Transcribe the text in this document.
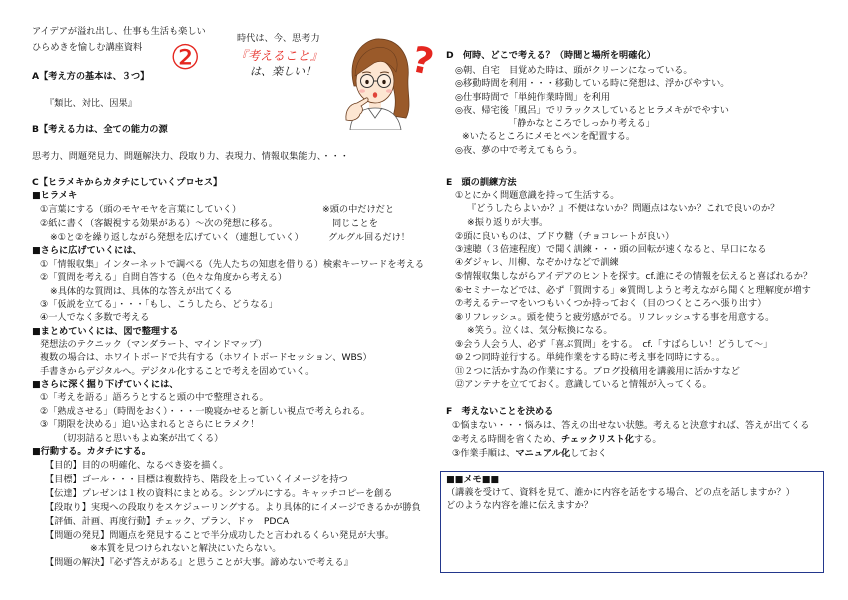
アイデアが溢れ出し、仕事も生活も楽しい
ひらめきを愉しむ講座資料 ②	時代は、今、思考力
『考えること』
は、楽しい！	?
A【考え方の基本は、３つ】
『類比、対比、因果』
B【考える力は、全ての能力の源
思考力、問題発見力、問題解決力、段取り力、表現力、情報収集能力、・・・
C【ヒラメキからカタチにしていくプロセス】
■ヒラメキ
①言葉にする（頭のモヤモヤを言葉にしていく）
②紙に書く（客観視する効果がある）～次の発想に移る。
※①と②を繰り返しながら発想を広げていく（連想していく）
※頭の中だけだと
同じことを
グルグル回るだけ！
■さらに広げていくには、
①「情報収集」インターネットで調べる（先人たちの知恵を借りる）検索キーワードを考える
②「質問を考える」自問自答する（色々な角度から考える）
※具体的な質問は、具体的な答えが出てくる
③「仮説を立てる」・・・「もし、こうしたら、どうなる」
④一人でなく多数で考える
■まとめていくには、図で整理する
発想法のテクニック（マンダラート、マインドマップ）
複数の場合は、ホワイトボードで共有する（ホワイトボードセッション、WBS）
手書きからデジタルへ。デジタル化することで考えを固めていく。
■さらに深く掘り下げていくには、
①「考えを語る」語ろうとすると頭の中で整理される。
②「熟成させる」（時間をおく）・・・一晩寝かせると新しい視点で考えられる。
③「期限を決める」追い込まれるとさらにヒラメク！
（切羽詰ると思いもよぬ案が出てくる）
■行動する。カタチにする。
【目的】目的の明確化、なるべき姿を描く。
【目標】ゴール・・・目標は複数持ち、階段を上っていくイメージを持つ
【伝達】プレゼンは１枚の資料にまとめる。シンプルにする。キャッチコピーを創る
【段取り】実現への段取りをスケジューリングする。より具体的にイメージできるかが勝負
【評価、計画、再度行動】チェック、プラン、ドゥ　PDCA
【問題の発見】問題点を発見することで半分成功したと言われるくらい発見が大事。
※本質を見つけられないと解決にいたらない。
【問題の解決】『必ず答えがある』と思うことが大事。諦めないで考える』
D　何時、どこで考える？（時間と場所を明確化）
◎朝、自宅　目覚めた時は、頭がクリーンになっている。
◎移動時間を利用・・・移動している時に発想は、浮かびやすい。
◎仕事時間で「単純作業時間」を利用
◎夜、帰宅後「風呂」でリラックスしているとヒラメキがでやすい
「静かなところでしっかり考える」
※いたるところにメモとペンを配置する。
◎夜、夢の中で考えてもらう。
E　頭の訓練方法
①とにかく問題意識を持って生活する。
『どうしたらよいか？』不便はないか？問題点はないか？これで良いのか？
※振り返りが大事。
②頭に良いものは、ブドウ糖（チョコレートが良い）
③速聴（３倍速程度）で聞く訓練・・・頭の回転が速くなると、早口になる
④ダジャレ、川柳、なぞかけなどで訓練
⑤情報収集しながらアイデアのヒントを探す。cf.誰にその情報を伝えると喜ばれるか？
⑥セミナーなどでは、必ず「質問する」※質問しようと考えながら聞くと理解度が増す
⑦考えるテーマをいつもいくつか持っておく（目のつくところへ張り出す）
⑧リフレッシュ。頭を使うと疲労感がでる。リフレッシュする事を用意する。
※笑う。泣くは、気分転換になる。
⑨会う人会う人、必ず「喜ぶ質問」をする。　cf.「すばらしい！どうして～」
⑩２つ同時並行する。単純作業をする時に考え事を同時にする。。
⑪２つに活かす為の作業にする。ブログ投稿用を講義用に活かすなど
⑫アンテナを立てておく。意識していると情報が入ってくる。
F　考えないことを決める
①悩まない・・・悩みは、答えの出せない状態。考えると決意すれば、答えが出てくる
②考える時間を省くため、チェックリスト化する。
③作業手順は、マニュアル化しておく
■■メモ■■
（講義を受けて、資料を見て、誰かに内容を話をする場合、どの点を話しますか？）
どのような内容を誰に伝えますか？
